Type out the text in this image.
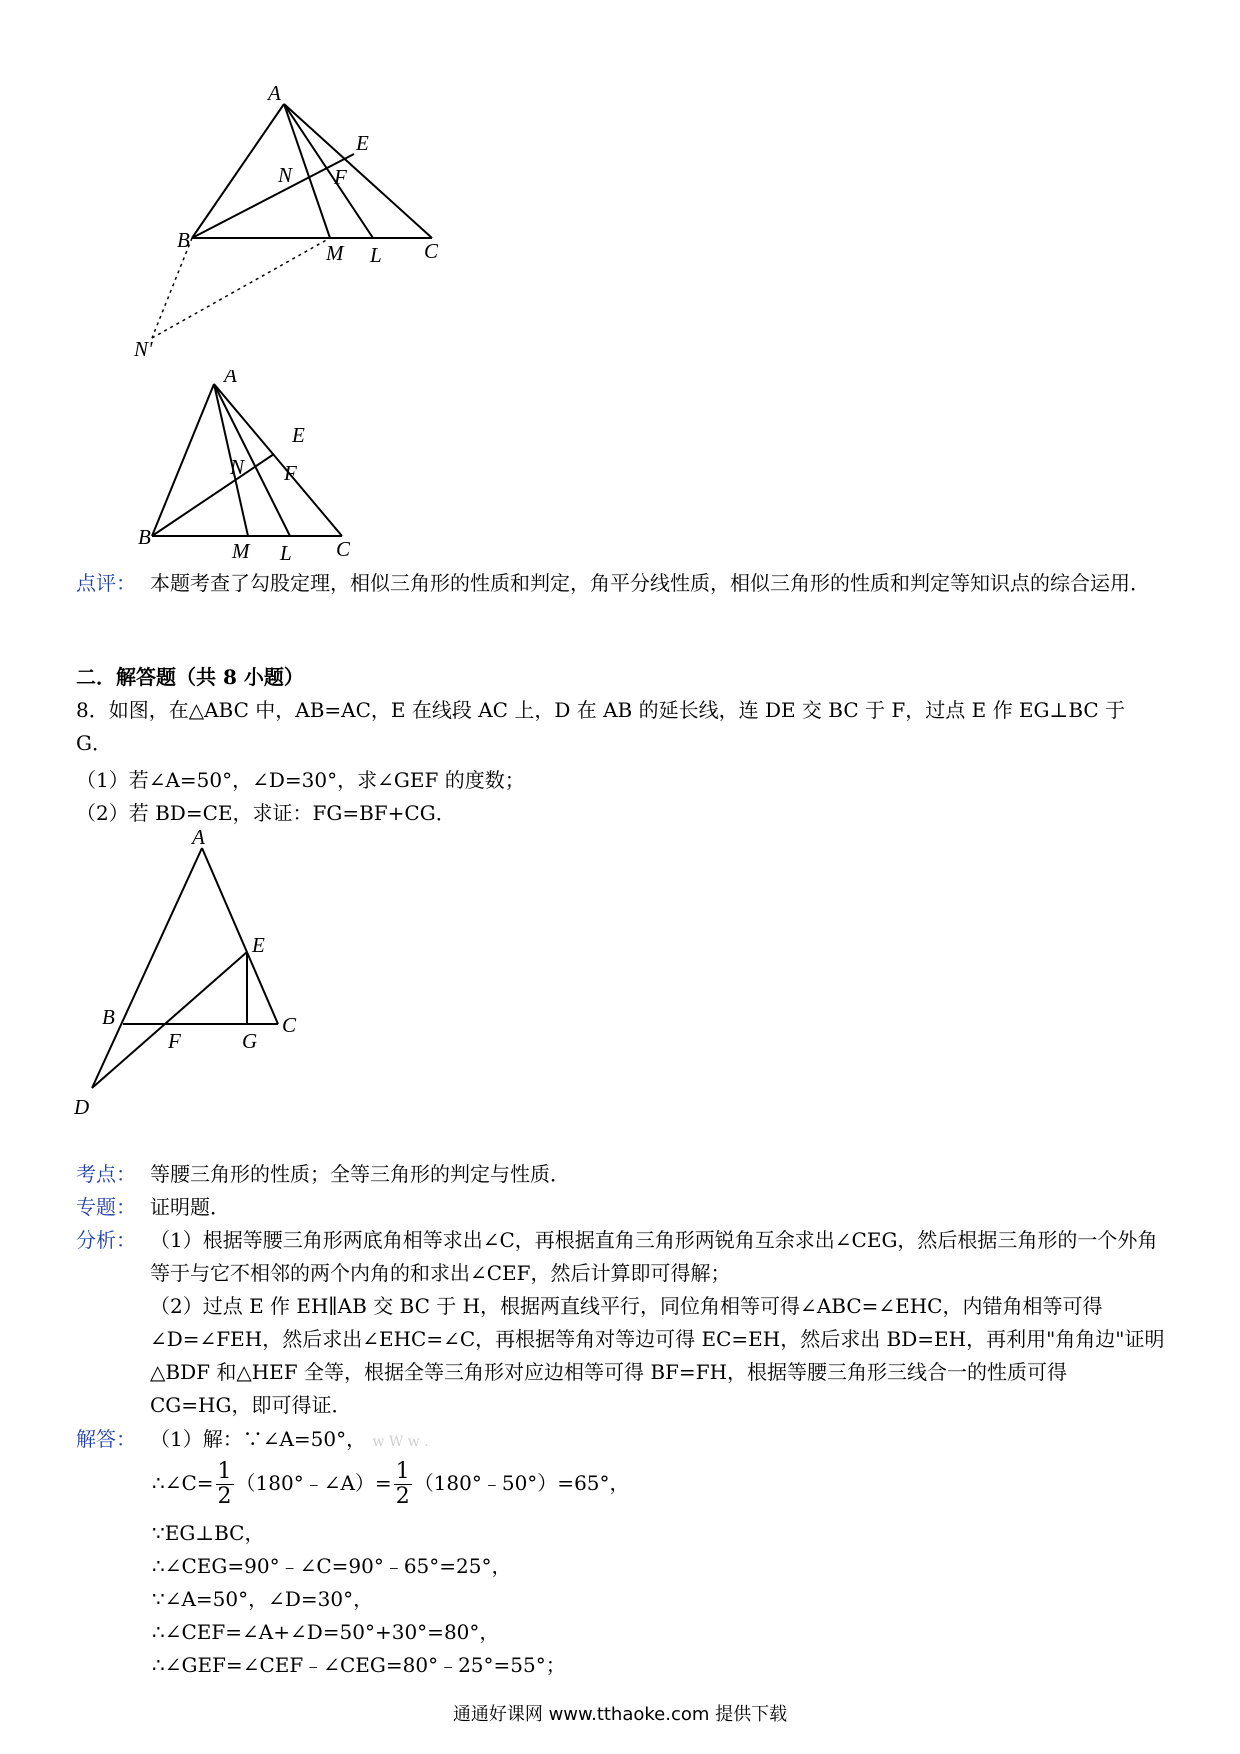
A
E
N F
B
M L C
N'
A
E
N F
B
M L C
点评： 本题考查了勾股定理，相似三角形的性质和判定，角平分线性质，相似三角形的性质和判定等知识点的综合运用．
二．解答题（共 8 小题）
8．如图，在△ABC 中，AB=AC，E 在线段 AC 上，D 在 AB 的延长线，连 DE 交 BC 于 F，过点 E 作 EG⊥BC 于 G．
（1）若∠A=50°，∠D=30°，求∠GEF 的度数；
（2）若 BD=CE，求证：FG=BF+CG．
A
E
B
F	G
C
D
考点： 等腰三角形的性质；全等三角形的判定与性质．
专题： 证明题．
分析： （1）根据等腰三角形两底角相等求出∠C，再根据直角三角形两锐角互余求出∠CEG，然后根据三角形的一个外角等于与它不相邻的两个内角的和求出∠CEF，然后计算即可得解；
（2）过点 E 作 EH∥AB 交 BC 于 H，根据两直线平行，同位角相等可得∠ABC=∠EHC，内错角相等可得∠D=∠FEH，然后求出∠EHC=∠C，再根据等角对等边可得 EC=EH，然后求出 BD=EH，再利用"角角边"证明△BDF 和△HEF 全等，根据全等三角形对应边相等可得 BF=FH，根据等腰三角形三线合一的性质可得 CG=HG，即可得证．
解答： （1）解：∵∠A=50°， w W w .
∴∠C= $\frac{1}{2}$ （180°﹣∠A）= $\frac{1}{2}$ （180°﹣50°）=65°，
∵EG⊥BC，
∴∠CEG=90°﹣∠C=90°﹣65°=25°，
∵∠A=50°，∠D=30°，
∴∠CEF=∠A+∠D=50°+30°=80°，
∴∠GEF=∠CEF﹣∠CEG=80°﹣25°=55°；
通通好课网 www.tthaoke.com 提供下载
